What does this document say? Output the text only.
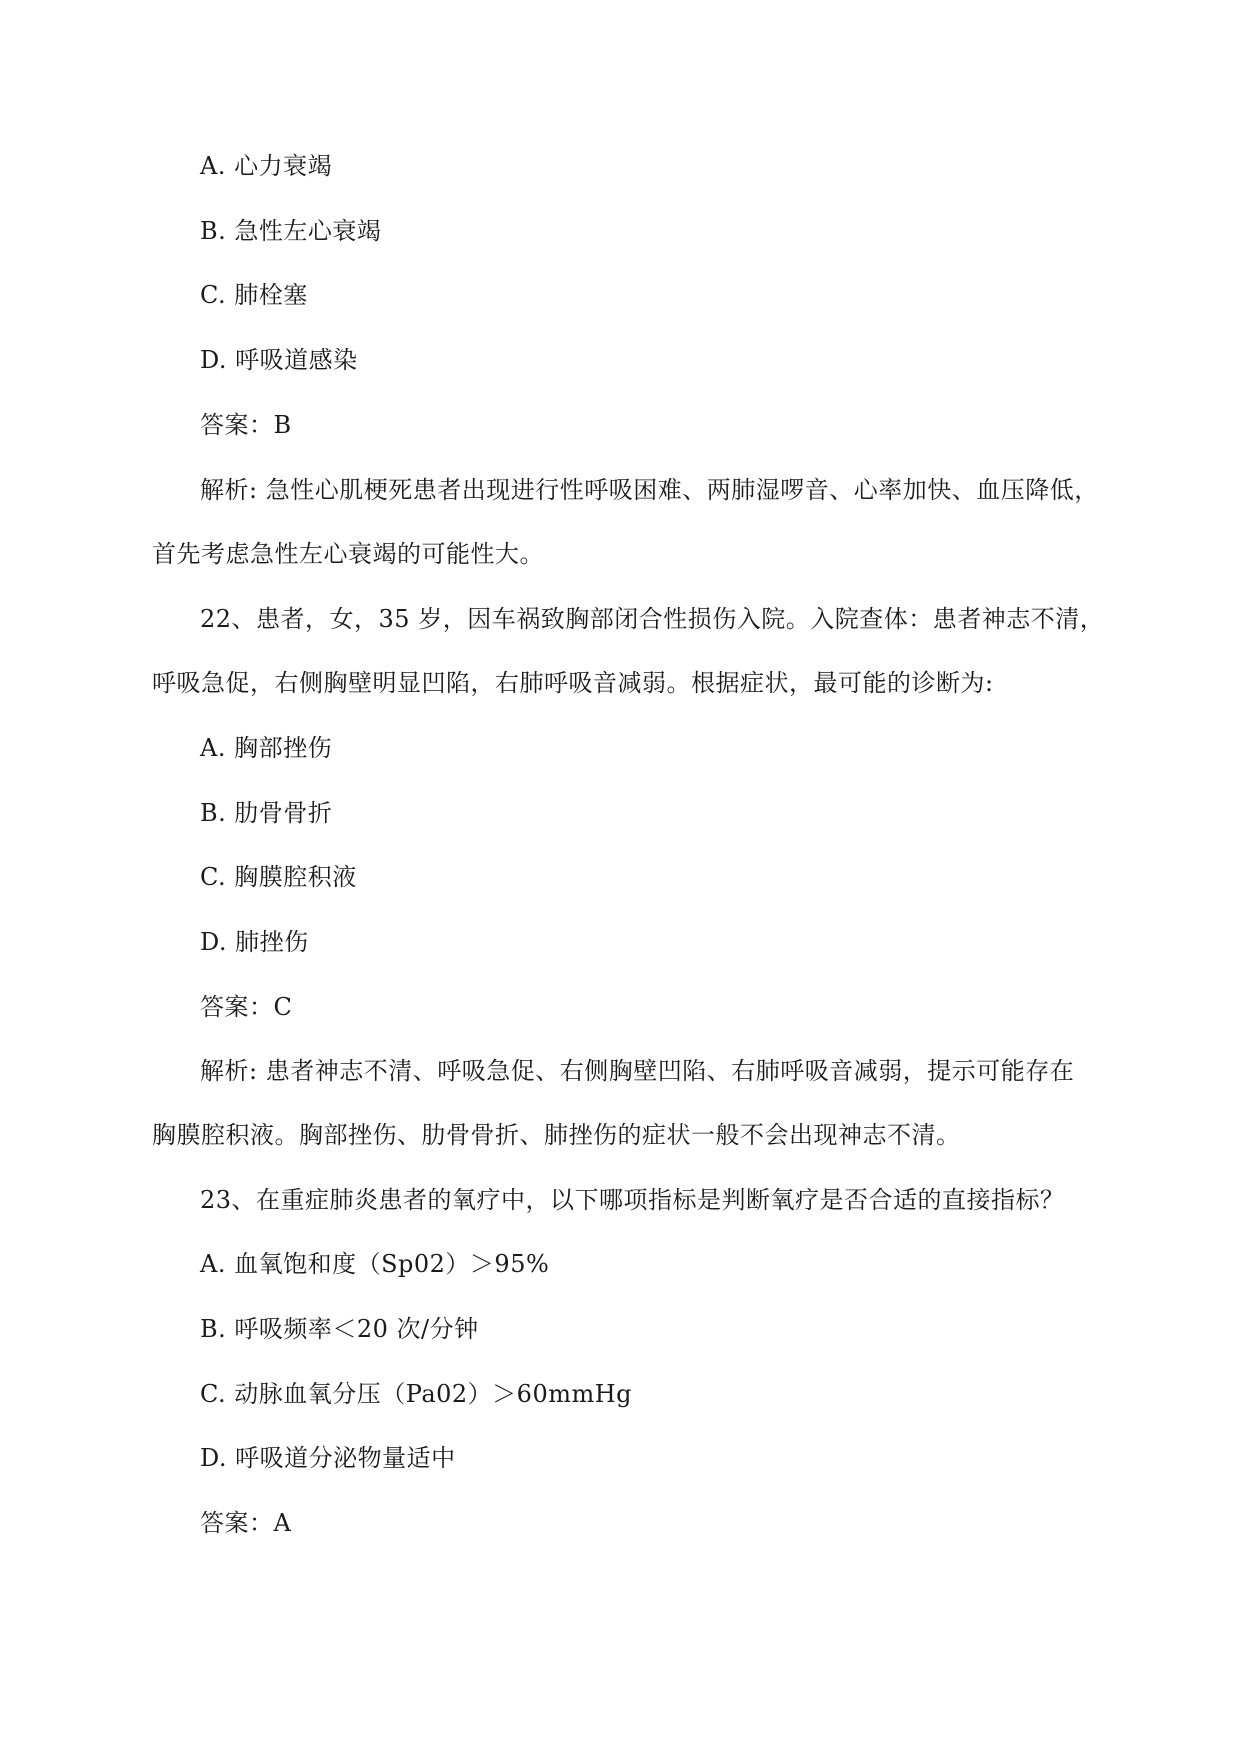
A. 心力衰竭
B. 急性左心衰竭
C. 肺栓塞
D. 呼吸道感染
答案：B
解析: 急性心肌梗死患者出现进行性呼吸困难、两肺湿啰音、心率加快、血压降低，
首先考虑急性左心衰竭的可能性大。
22、患者，女，35 岁，因车祸致胸部闭合性损伤入院。入院查体：患者神志不清，
呼吸急促，右侧胸壁明显凹陷，右肺呼吸音减弱。根据症状，最可能的诊断为:
A. 胸部挫伤
B. 肋骨骨折
C. 胸膜腔积液
D. 肺挫伤
答案：C
解析: 患者神志不清、呼吸急促、右侧胸壁凹陷、右肺呼吸音减弱，提示可能存在
胸膜腔积液。胸部挫伤、肋骨骨折、肺挫伤的症状一般不会出现神志不清。
23、在重症肺炎患者的氧疗中，以下哪项指标是判断氧疗是否合适的直接指标？
A. 血氧饱和度（Sp02）＞95%
B. 呼吸频率＜20 次/分钟
C. 动脉血氧分压（Pa02）＞60mmHg
D. 呼吸道分泌物量适中
答案：A
